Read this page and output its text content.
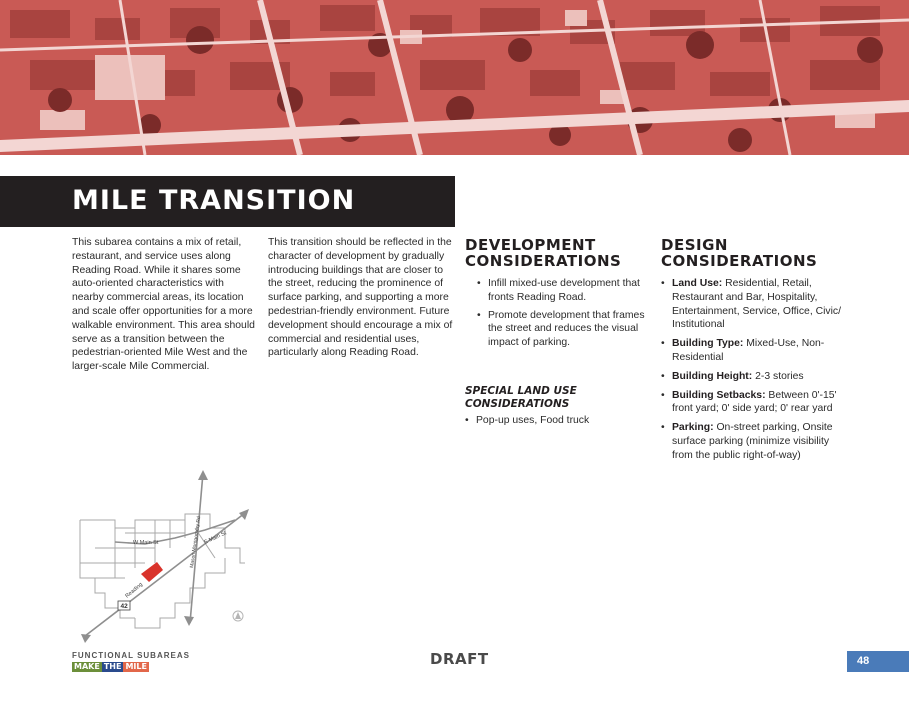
MILE TRANSITION

This subarea contains a mix of retail, restaurant, and service uses along Reading Road. While it shares some auto-oriented characteristics with nearby commercial areas, its location and scale offer opportunities for a more walkable environment. This area should serve as a transition between the pedestrian-oriented Mile West and the larger-scale Mile Commercial.

This transition should be reflected in the character of development by gradually introducing buildings that are closer to the street, reducing the prominence of surface parking, and supporting a more pedestrian-friendly environment. Future development should encourage a mix of commercial and residential uses, particularly along Reading Road.

DEVELOPMENT
CONSIDERATIONS
• Infill mixed-use development that fronts Reading Road.
• Promote development that frames the street and reduces the visual impact of parking.
SPECIAL LAND USE
CONSIDERATIONS
• Pop-up uses, Food truck
DESIGN
CONSIDERATIONS
• Land Use: Residential, Retail, Restaurant and Bar, Hospitality, Entertainment, Service, Office, Civic/ Institutional
• Building Type: Mixed-Use, Non-Residential
• Building Height: 2-3 stories
• Building Setbacks: Between 0'-15' front yard; 0' side yard; 0' rear yard
• Parking: On-street parking, Onsite surface parking (minimize visibility from the public right-of-way)
W Main St	E Main St
Mason Montgomery Rd
Reading
42
FUNCTIONAL SUBAREAS
MAKE THE MILE	DRAFT	48
